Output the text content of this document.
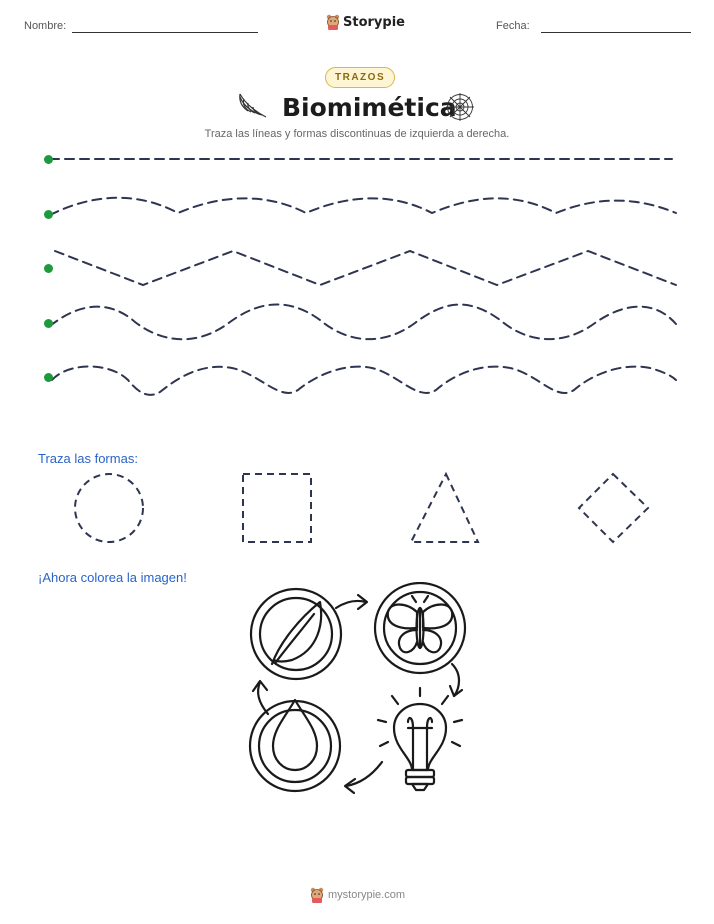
Nombre:	Storypie	Fecha:
TRAZOS
Biomimética
Traza las líneas y formas discontinuas de izquierda a derecha.
Traza las formas:
¡Ahora colorea la imagen!
mystorypie.com
